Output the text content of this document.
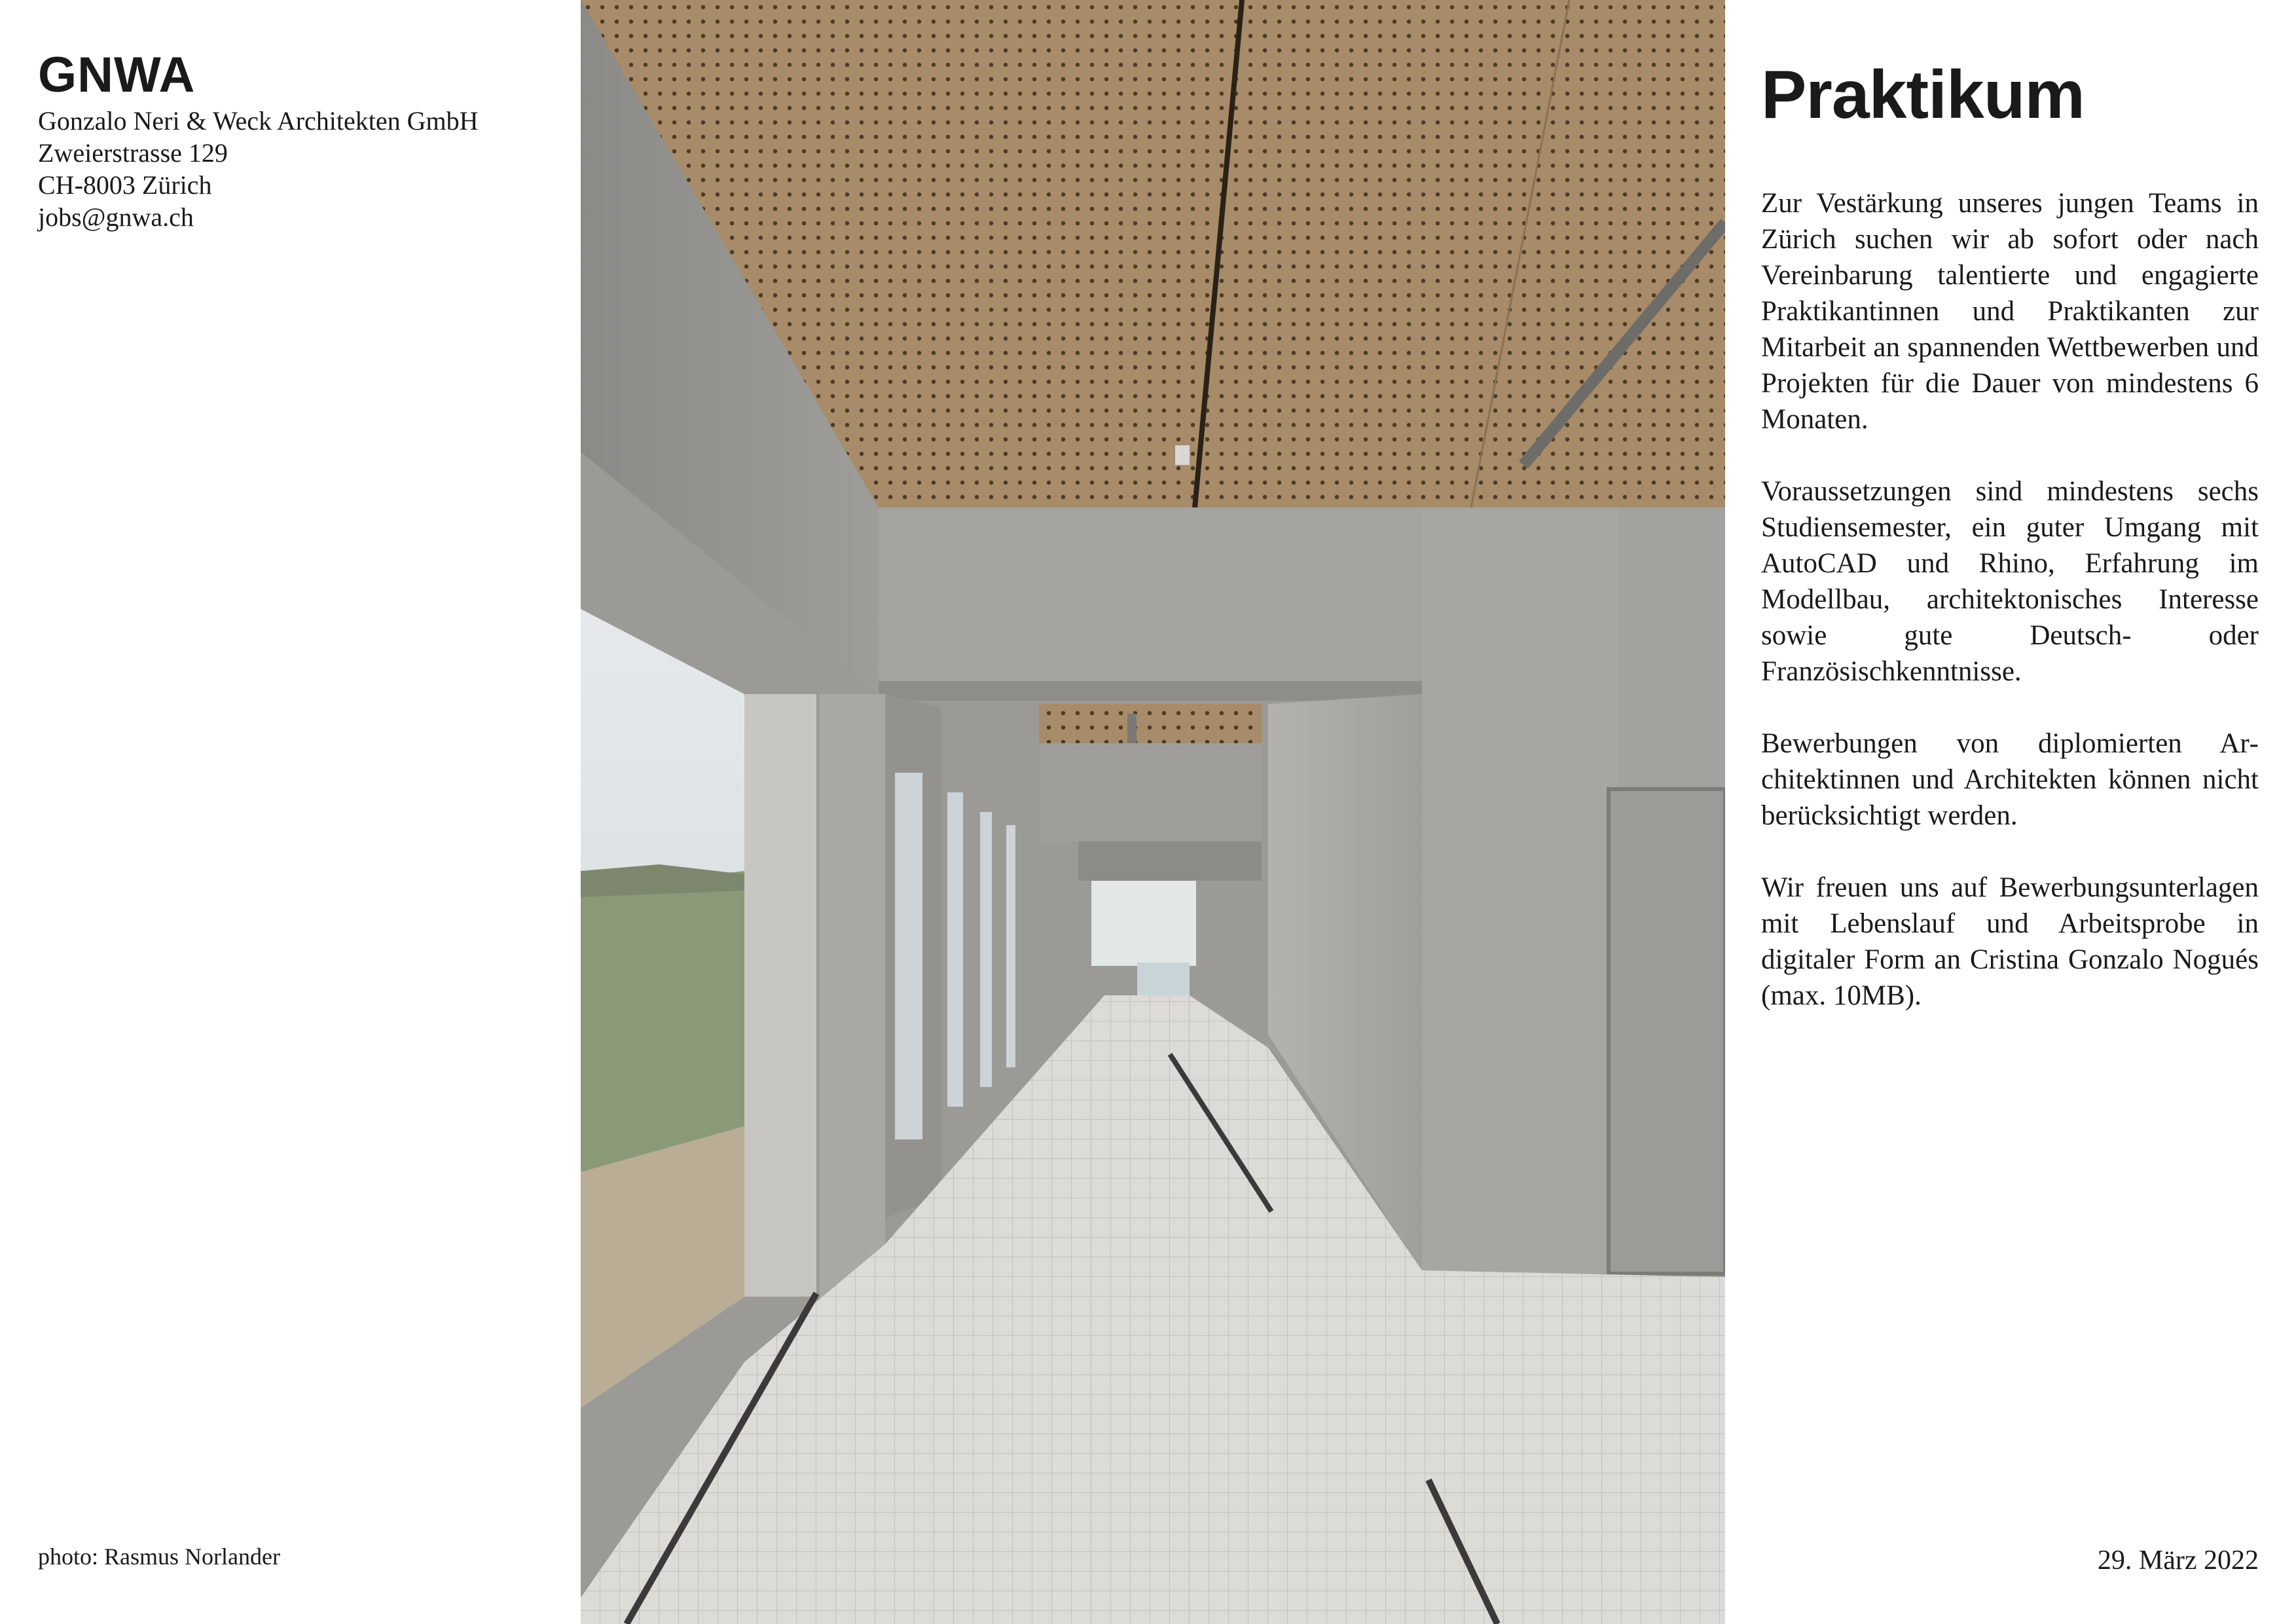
GNWA

Gonzalo Neri & Weck Architekten GmbH

Zweierstrasse 129

CH-8003 Zürich

jobs@gnwa.ch

photo: Rasmus Norlander
Praktikum

Zur Vestärkung unseres jungen Teams in Zürich suchen wir ab sofort oder nach Vereinbarung talentierte und engagierte Praktikantinnen und Praktikanten zur Mitarbeit an spannenden Wettbewerben und Projekten für die Dauer von mindestens 6 Monaten.

Voraussetzungen sind mindestens sechs Studiensemester, ein guter Umgang mit AutoCAD und Rhino, Erfahrung im Modellbau, architektonisches Interesse sowie gute Deutsch- oder Französischkenntnisse.

Bewerbungen von diplomierten Architektinnen und Architekten können nicht berücksichtigt werden.

Wir freuen uns auf Bewerbungsunterlagen mit Lebenslauf und Arbeitsprobe in digitaler Form an Cristina Gonzalo Nogués (max. 10MB).

29. März 2022
